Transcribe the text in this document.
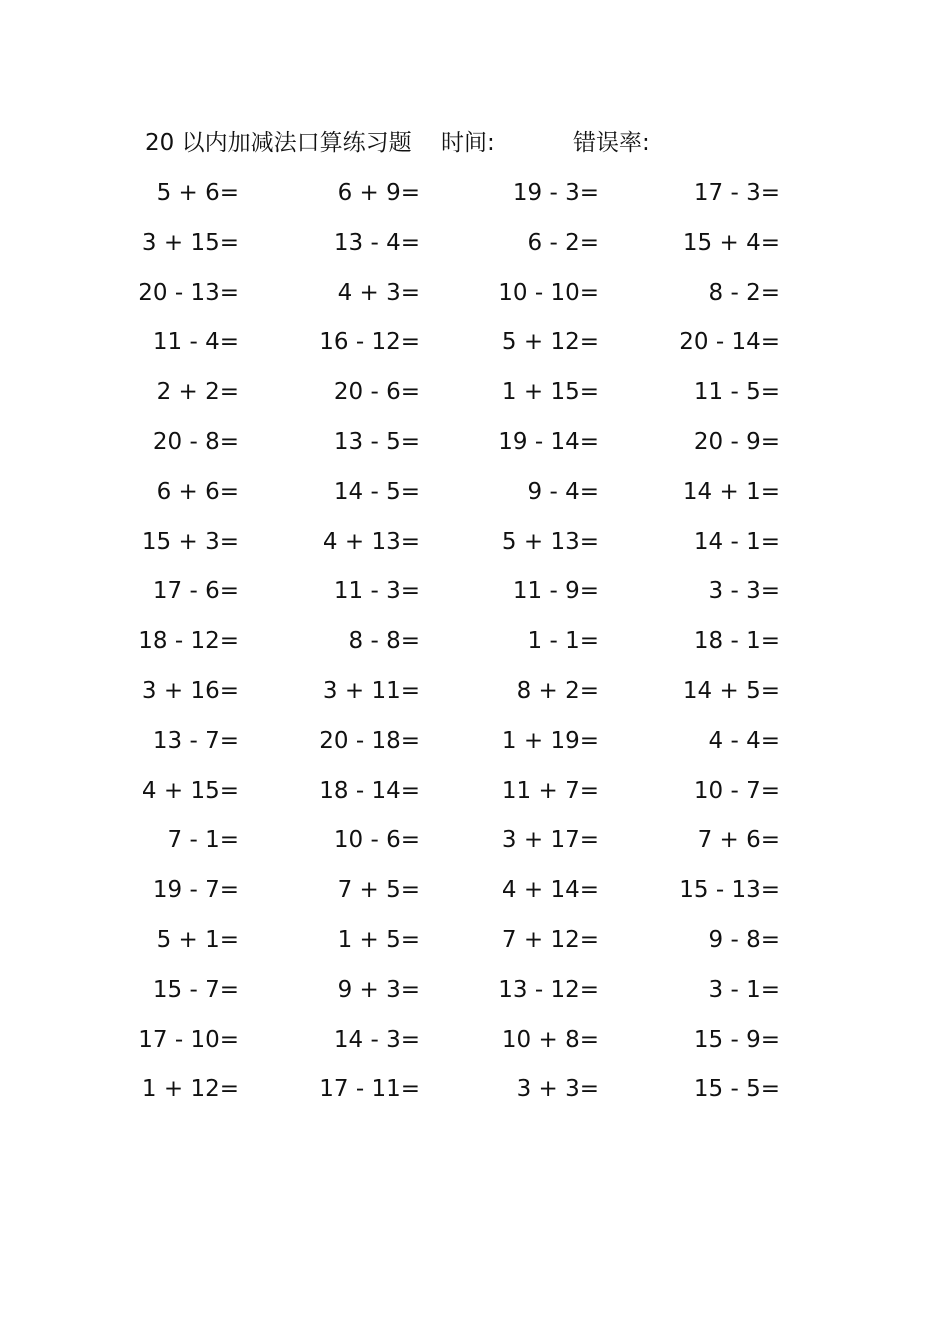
20 以内加减法口算练习题 时间:	错误率:
5 + 6=	6 + 9=	19 - 3=	17 - 3=
3 + 15=	13 - 4=	6 - 2=	15 + 4=
20 - 13=	4 + 3=	10 - 10=	8 - 2=
11 - 4=	16 - 12=	5 + 12=	20 - 14=
2 + 2=	20 - 6=	1 + 15=	11 - 5=
20 - 8=	13 - 5=	19 - 14=	20 - 9=
6 + 6=	14 - 5=	9 - 4=	14 + 1=
15 + 3=	4 + 13=	5 + 13=	14 - 1=
17 - 6=	11 - 3=	11 - 9=	3 - 3=
18 - 12=	8 - 8=	1 - 1=	18 - 1=
3 + 16=	3 + 11=	8 + 2=	14 + 5=
13 - 7=	20 - 18=	1 + 19=	4 - 4=
4 + 15=	18 - 14=	11 + 7=	10 - 7=
7 - 1=	10 - 6=	3 + 17=	7 + 6=
19 - 7=	7 + 5=	4 + 14=	15 - 13=
5 + 1=	1 + 5=	7 + 12=	9 - 8=
15 - 7=	9 + 3=	13 - 12=	3 - 1=
17 - 10=	14 - 3=	10 + 8=	15 - 9=
1 + 12=	17 - 11=	3 + 3=	15 - 5=
